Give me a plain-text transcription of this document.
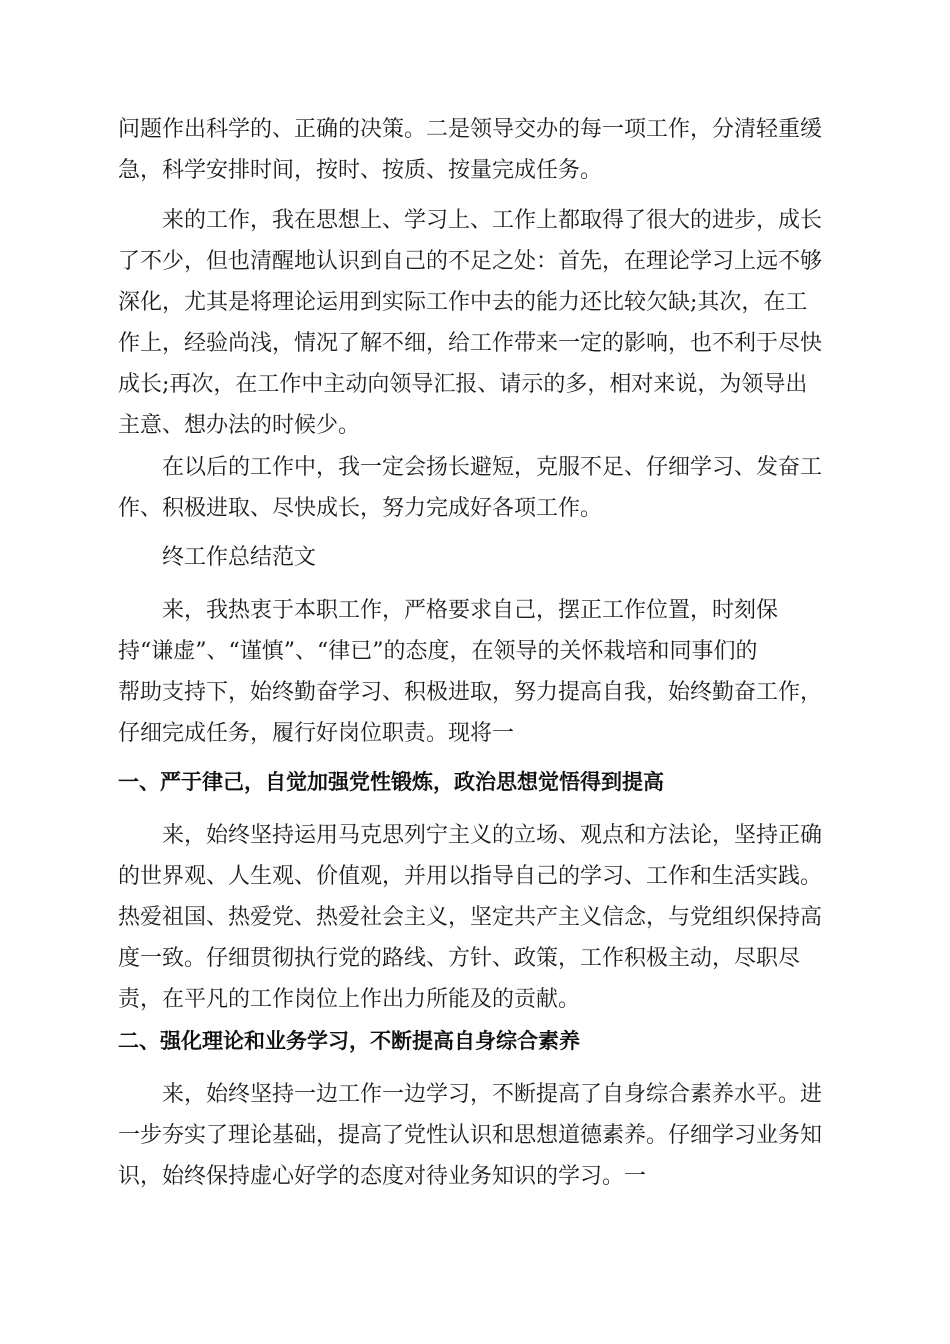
问题作出科学的、正确的决策。二是领导交办的每一项工作，分清轻重缓
急，科学安排时间，按时、按质、按量完成任务。
来的工作，我在思想上、学习上、工作上都取得了很大的进步，成长
了不少，但也清醒地认识到自己的不足之处：首先，在理论学习上远不够
深化，尤其是将理论运用到实际工作中去的能力还比较欠缺;其次，在工
作上，经验尚浅，情况了解不细，给工作带来一定的影响，也不利于尽快
成长;再次，在工作中主动向领导汇报、请示的多，相对来说，为领导出
主意、想办法的时候少。
在以后的工作中，我一定会扬长避短，克服不足、仔细学习、发奋工
作、积极进取、尽快成长，努力完成好各项工作。
终工作总结范文
来，我热衷于本职工作，严格要求自己，摆正工作位置，时刻保
持“谦虚”、“谨慎”、“律已”的态度，在领导的关怀栽培和同事们的
帮助支持下，始终勤奋学习、积极进取，努力提高自我，始终勤奋工作，
仔细完成任务，履行好岗位职责。现将一
一、严于律己，自觉加强党性锻炼，政治思想觉悟得到提高
来，始终坚持运用马克思列宁主义的立场、观点和方法论，坚持正确
的世界观、人生观、价值观，并用以指导自己的学习、工作和生活实践。
热爱祖国、热爱党、热爱社会主义，坚定共产主义信念，与党组织保持高
度一致。仔细贯彻执行党的路线、方针、政策，工作积极主动，尽职尽
责，在平凡的工作岗位上作出力所能及的贡献。
二、强化理论和业务学习，不断提高自身综合素养
来，始终坚持一边工作一边学习，不断提高了自身综合素养水平。进
一步夯实了理论基础，提高了党性认识和思想道德素养。仔细学习业务知
识，始终保持虚心好学的态度对待业务知识的学习。一
